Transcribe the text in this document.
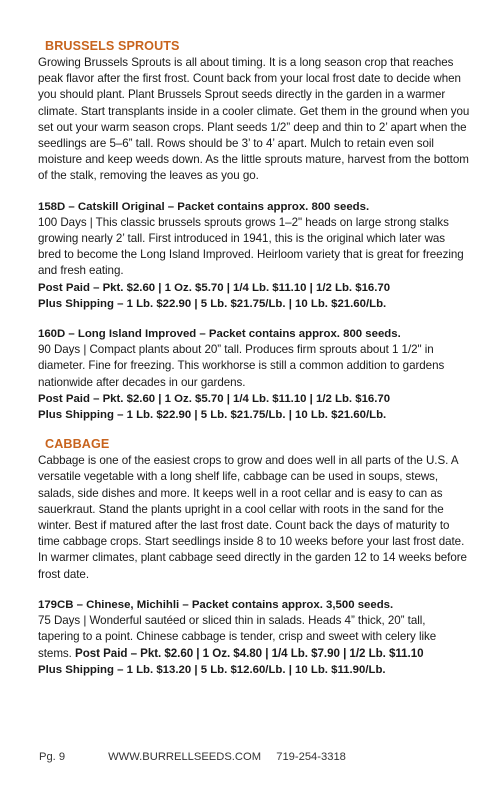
BRUSSELS SPROUTS

Growing Brussels Sprouts is all about timing. It is a long season crop that reaches peak flavor after the first frost. Count back from your local frost date to decide when you should plant. Plant Brussels Sprout seeds directly in the garden in a warmer climate. Start transplants inside in a cooler climate. Get them in the ground when you set out your warm season crops. Plant seeds 1/2” deep and thin to 2’ apart when the seedlings are 5–6” tall. Rows should be 3’ to 4’ apart. Mulch to retain even soil moisture and keep weeds down. As the little sprouts mature, harvest from the bottom of the stalk, removing the leaves as you go.

158D – Catskill Original – Packet contains approx. 800 seeds.

100 Days | This classic brussels sprouts grows 1–2" heads on large strong stalks growing nearly 2’ tall. First introduced in 1941, this is the original which later was bred to become the Long Island Improved. Heirloom variety that is great for freezing and fresh eating.

Post Paid – Pkt. $2.60 | 1 Oz. $5.70 | 1/4 Lb. $11.10 | 1/2 Lb. $16.70

Plus Shipping – 1 Lb. $22.90 | 5 Lb. $21.75/Lb. | 10 Lb. $21.60/Lb.

160D – Long Island Improved – Packet contains approx. 800 seeds.

90 Days | Compact plants about 20” tall. Produces firm sprouts about 1 1/2" in diameter. Fine for freezing. This workhorse is still a common addition to gardens nationwide after decades in our gardens.

Post Paid – Pkt. $2.60 | 1 Oz. $5.70 | 1/4 Lb. $11.10 | 1/2 Lb. $16.70

Plus Shipping – 1 Lb. $22.90 | 5 Lb. $21.75/Lb. | 10 Lb. $21.60/Lb.

CABBAGE

Cabbage is one of the easiest crops to grow and does well in all parts of the U.S. A versatile vegetable with a long shelf life, cabbage can be used in soups, stews, salads, side dishes and more. It keeps well in a root cellar and is easy to can as sauerkraut. Stand the plants upright in a cool cellar with roots in the sand for the winter. Best if matured after the last frost date. Count back the days of maturity to time cabbage crops. Start seedlings inside 8 to 10 weeks before your last frost date. In warmer climates, plant cabbage seed directly in the garden 12 to 14 weeks before frost date.

179CB – Chinese, Michihli – Packet contains approx. 3,500 seeds.

75 Days | Wonderful sautéed or sliced thin in salads. Heads 4” thick, 20” tall, tapering to a point. Chinese cabbage is tender, crisp and sweet with celery like stems. Post Paid – Pkt. $2.60 | 1 Oz. $4.80 | 1/4 Lb. $7.90 | 1/2 Lb. $11.10

Plus Shipping – 1 Lb. $13.20 | 5 Lb. $12.60/Lb. | 10 Lb. $11.90/Lb.

Pg. 9	WWW.BURRELLSEEDS.COM 719-254-3318
